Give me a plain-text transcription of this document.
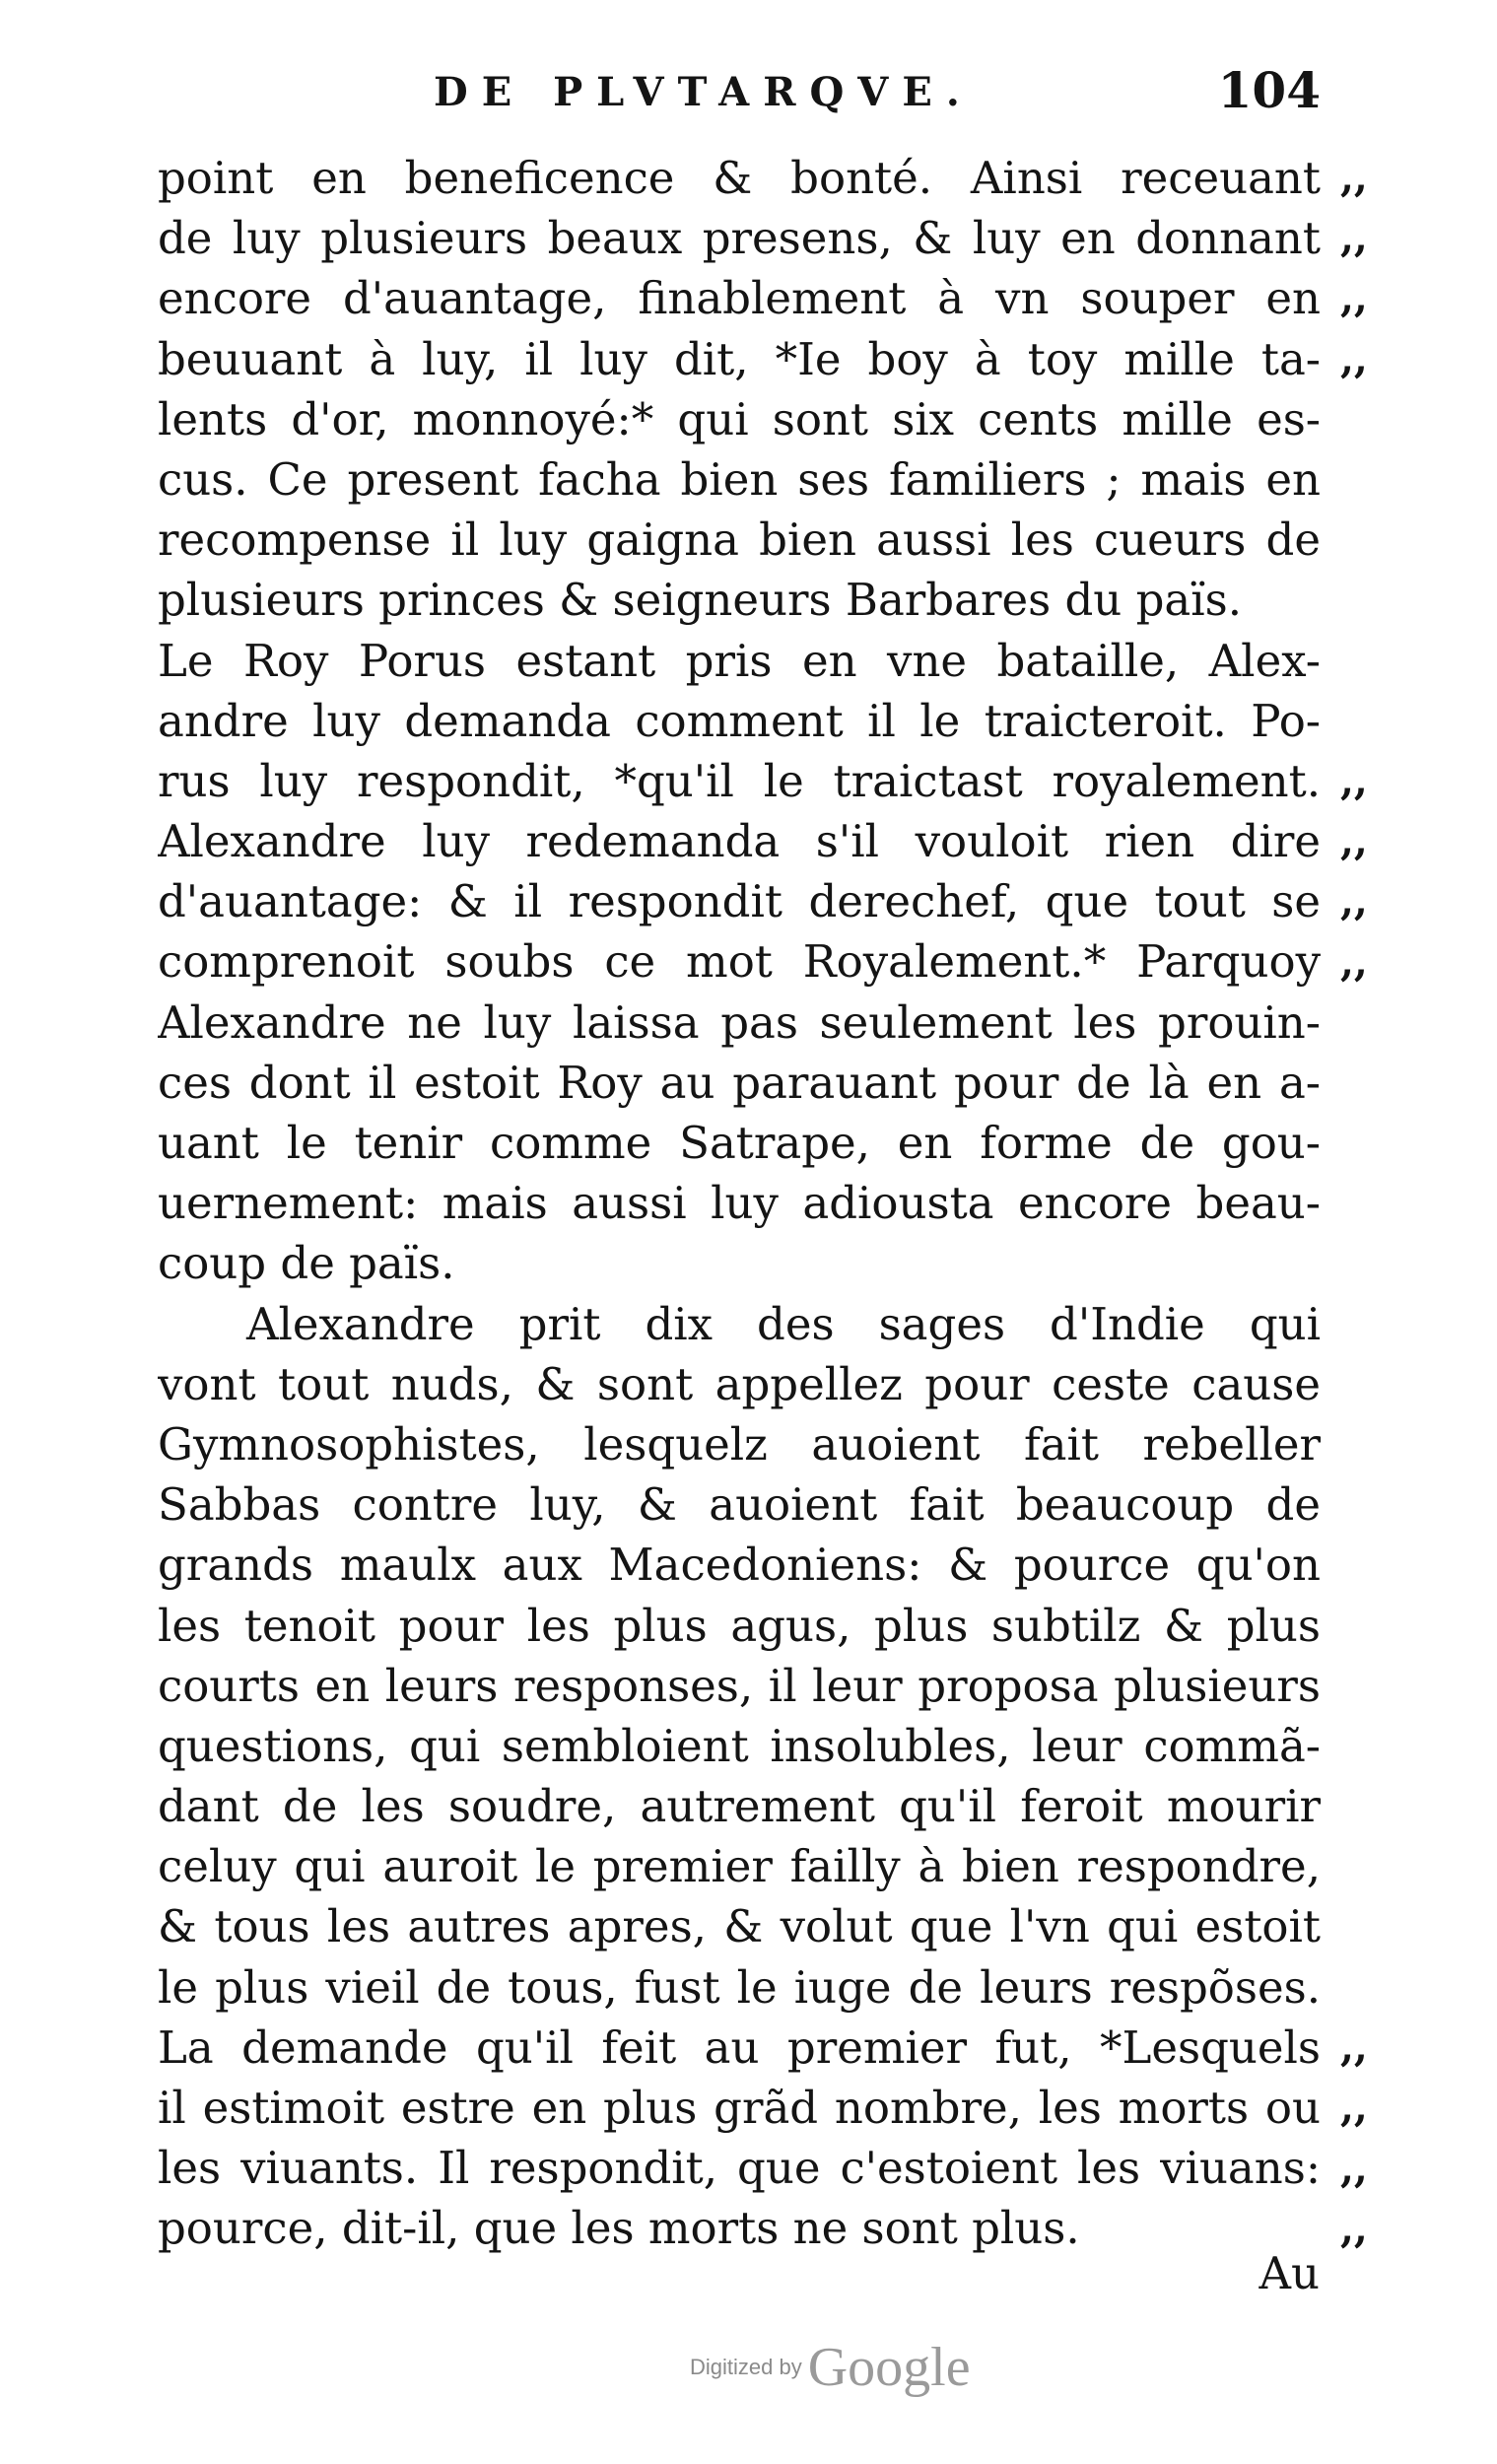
DE PLVTARQVE.	104
point en beneficence & bonté. Ainsi receuant
de luy plusieurs beaux presens, & luy en donnant
encore d'auantage, finablement à vn souper en
beuuant à luy, il luy dit, *Ie boy à toy mille ta-
lents d'or, monnoyé:* qui sont six cents mille es-
cus. Ce present facha bien ses familiers ; mais en
recompense il luy gaigna bien aussi les cueurs de
plusieurs princes & seigneurs Barbares du païs.
Le Roy Porus estant pris en vne bataille, Alex-
andre luy demanda comment il le traicteroit. Po-
rus luy respondit, *qu'il le traictast royalement.
Alexandre luy redemanda s'il vouloit rien dire
d'auantage: & il respondit derechef, que tout se
comprenoit soubs ce mot Royalement.* Parquoy
Alexandre ne luy laissa pas seulement les prouin-
ces dont il estoit Roy au parauant pour de là en a-
uant le tenir comme Satrape, en forme de gou-
uernement: mais aussi luy adiousta encore beau-
coup de païs.
Alexandre prit dix des sages d'Indie qui
vont tout nuds, & sont appellez pour ceste cause
Gymnosophistes, lesquelz auoient fait rebeller
Sabbas contre luy, & auoient fait beaucoup de
grands maulx aux Macedoniens: & pource qu'on
les tenoit pour les plus agus, plus subtilz & plus
courts en leurs responses, il leur proposa plusieurs
questions, qui sembloient insolubles, leur commã-
dant de les soudre, autrement qu'il feroit mourir
celuy qui auroit le premier failly à bien respondre,
& tous les autres apres, & volut que l'vn qui estoit
le plus vieil de tous, fust le iuge de leurs respõses.
La demande qu'il feit au premier fut, *Lesquels
il estimoit estre en plus grãd nombre, les morts ou
les viuants. Il respondit, que c'estoient les viuans:
pource, dit-il, que les morts ne sont plus.
,,
,,
,,
,,
,,
,,
,,
,,
,,
,,
,,
,,
Au
Digitized by Google
